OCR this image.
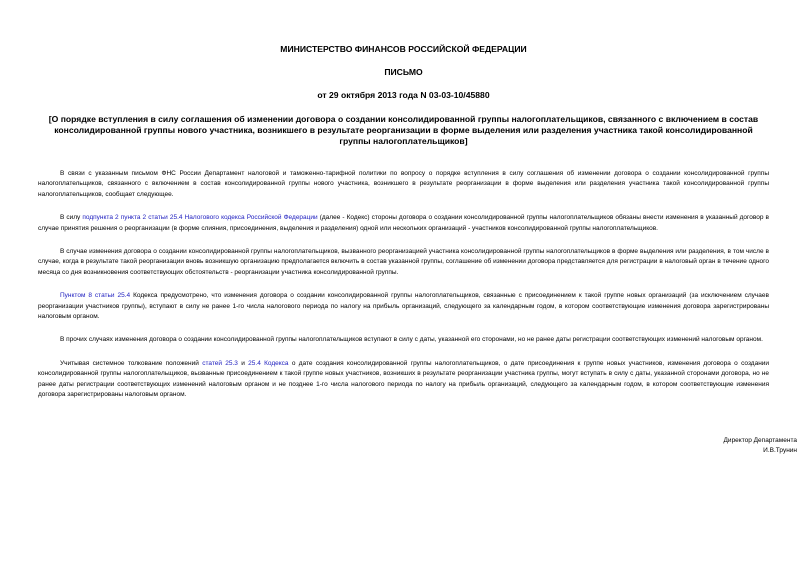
МИНИСТЕРСТВО ФИНАНСОВ РОССИЙСКОЙ ФЕДЕРАЦИИ
ПИСЬМО
от 29 октября 2013 года N 03-03-10/45880
[О порядке вступления в силу соглашения об изменении договора о создании консолидированной группы налогоплательщиков, связанного с включением в состав консолидированной группы нового участника, возникшего в результате реорганизации в форме выделения или разделения участника такой консолидированной группы налогоплательщиков]

В связи с указанным письмом ФНС России Департамент налоговой и таможенно-тарифной политики по вопросу о порядке вступления в силу соглашения об изменении договора о создании консолидированной группы налогоплательщиков, связанного с включением в состав консолидированной группы нового участника, возникшего в результате реорганизации в форме выделения или разделения участника такой консолидированной группы налогоплательщиков, сообщает следующее.

В силу подпункта 2 пункта 2 статьи 25.4 Налогового кодекса Российской Федерации (далее - Кодекс) стороны договора о создании консолидированной группы налогоплательщиков обязаны внести изменения в указанный договор в случае принятия решения о реорганизации (в форме слияния, присоединения, выделения и разделения) одной или нескольких организаций - участников консолидированной группы налогоплательщиков.

В случае изменения договора о создании консолидированной группы налогоплательщиков, вызванного реорганизацией участника консолидированной группы налогоплательщиков в форме выделения или разделения, в том числе в случае, когда в результате такой реорганизации вновь возникшую организацию предполагается включить в состав указанной группы, соглашение об изменении договора представляется для регистрации в налоговый орган в течение одного месяца со дня возникновения соответствующих обстоятельств - реорганизации участника консолидированной группы.

Пунктом 8 статьи 25.4 Кодекса предусмотрено, что изменения договора о создании консолидированной группы налогоплательщиков, связанные с присоединением к такой группе новых организаций (за исключением случаев реорганизации участников группы), вступают в силу не ранее 1-го числа налогового периода по налогу на прибыль организаций, следующего за календарным годом, в котором соответствующие изменения договора зарегистрированы налоговым органом.

В прочих случаях изменения договора о создании консолидированной группы налогоплательщиков вступают в силу с даты, указанной его сторонами, но не ранее даты регистрации соответствующих изменений налоговым органом.

Учитывая системное толкование положений статей 25.3 и 25.4 Кодекса о дате создания консолидированной группы налогоплательщиков, о дате присоединения к группе новых участников, изменения договора о создании консолидированной группы налогоплательщиков, вызванные присоединением к такой группе новых участников, возникших в результате реорганизации участника группы, могут вступать в силу с даты, указанной сторонами договора, но не ранее даты регистрации соответствующих изменений налоговым органом и не позднее 1-го числа налогового периода по налогу на прибыль организаций, следующего за календарным годом, в котором соответствующие изменения договора зарегистрированы налоговым органом.

Директор Департамента
И.В.Трунин
